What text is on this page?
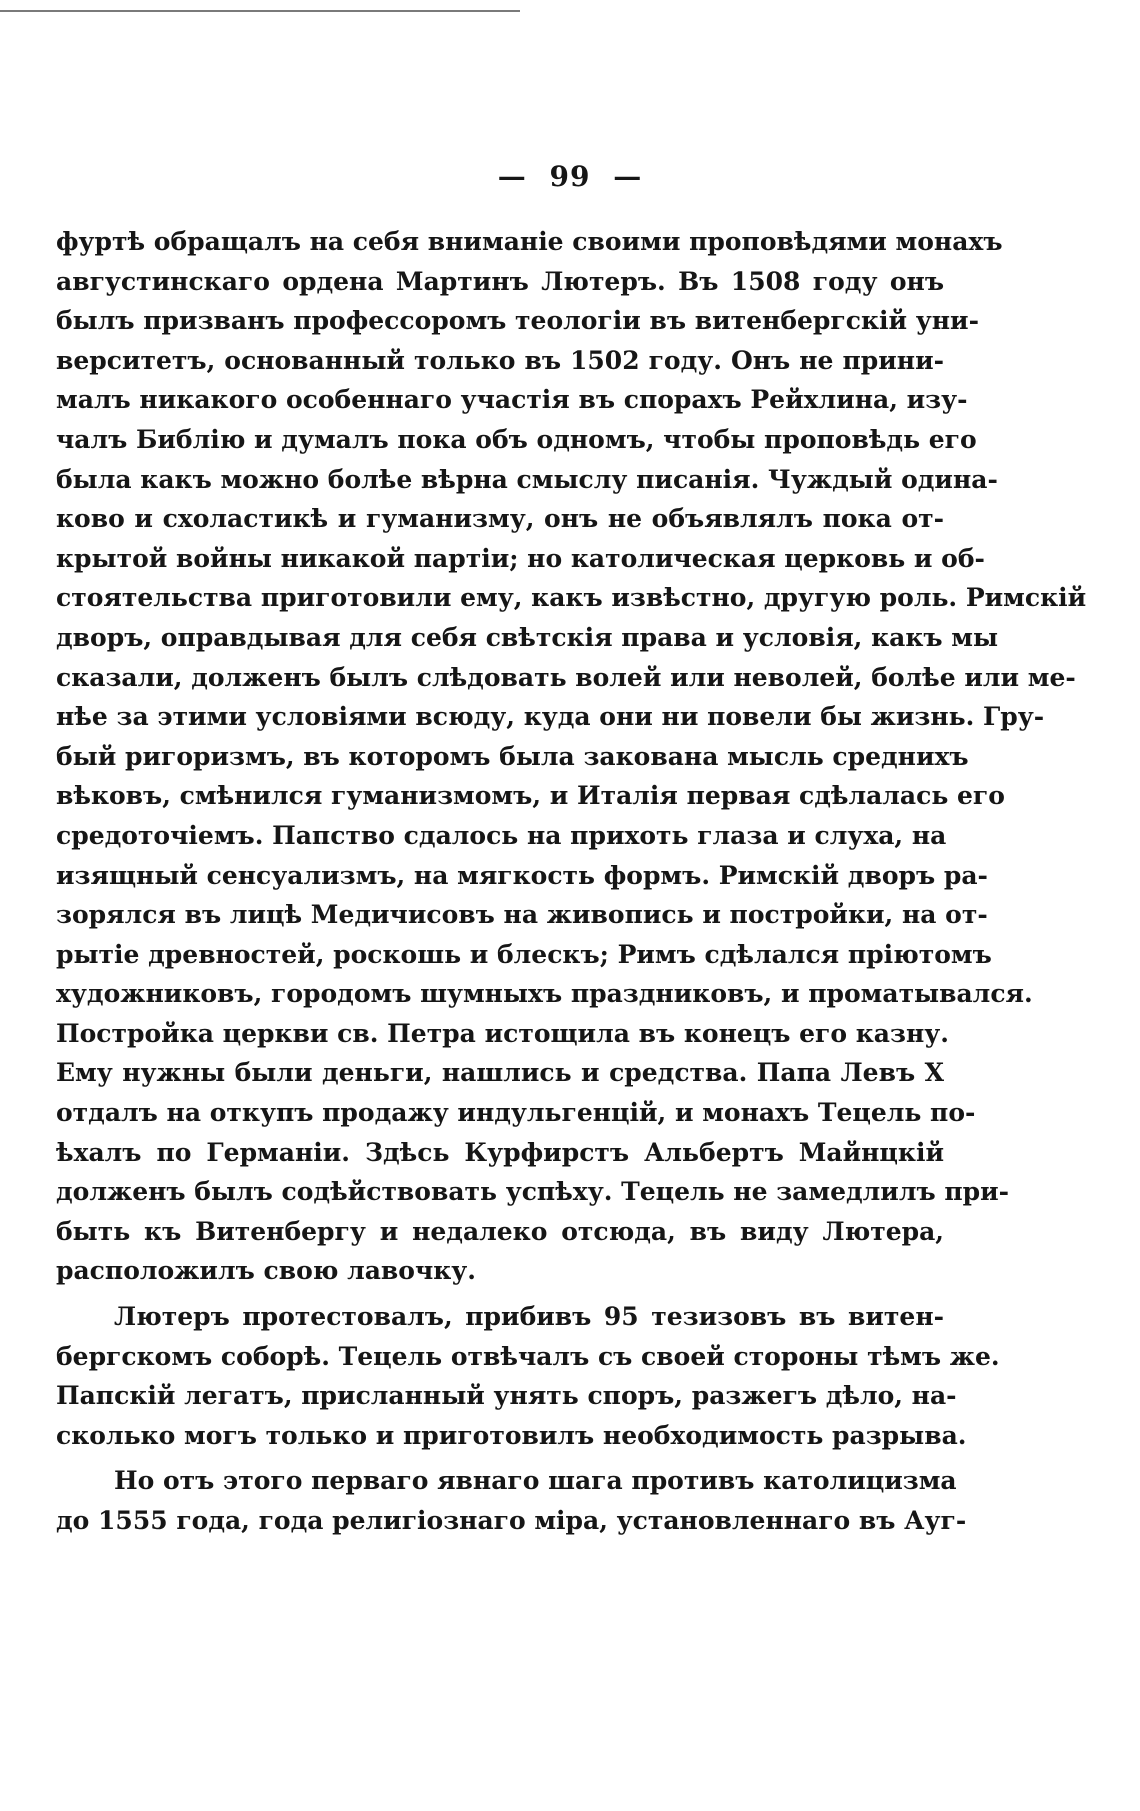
— 99 —
фуртѣ обращалъ на себя вниманіе своими проповѣдями монахъ
августинскаго ордена Мартинъ Лютеръ. Въ 1508 году онъ
былъ призванъ профессоромъ теологіи въ витенбергскій уни-
верситетъ, основанный только въ 1502 году. Онъ не прини-
малъ никакого особеннаго участія въ спорахъ Рейхлина, изу-
чалъ Библію и думалъ пока объ одномъ, чтобы проповѣдь его
была какъ можно болѣе вѣрна смыслу писанія. Чуждый одина-
ково и схоластикѣ и гуманизму, онъ не объявлялъ пока от-
крытой войны никакой партіи; но католическая церковь и об-
стоятельства приготовили ему, какъ извѣстно, другую роль. Римскій
дворъ, оправдывая для себя свѣтскія права и условія, какъ мы
сказали, долженъ былъ слѣдовать волей или неволей, болѣе или ме-
нѣе за этими условіями всюду, куда они ни повели бы жизнь. Гру-
бый ригоризмъ, въ которомъ была закована мысль среднихъ
вѣковъ, смѣнился гуманизмомъ, и Италія первая сдѣлалась его
средоточіемъ. Папство сдалось на прихоть глаза и слуха, на
изящный сенсуализмъ, на мягкость формъ. Римскій дворъ ра-
зорялся въ лицѣ Медичисовъ на живопись и постройки, на от-
рытіе древностей, роскошь и блескъ; Римъ сдѣлался пріютомъ
художниковъ, городомъ шумныхъ праздниковъ, и проматывался.
Постройка церкви св. Петра истощила въ конецъ его казну.
Ему нужны были деньги, нашлись и средства. Папа Левъ X
отдалъ на откупъ продажу индульгенцій, и монахъ Тецель по-
ѣхалъ по Германіи. Здѣсь Курфирстъ Альбертъ Майнцкій
долженъ былъ содѣйствовать успѣху. Тецель не замедлилъ при-
быть къ Витенбергу и недалеко отсюда, въ виду Лютера,
расположилъ свою лавочку.
Лютеръ протестовалъ, прибивъ 95 тезизовъ въ витен-
бергскомъ соборѣ. Тецель отвѣчалъ съ своей стороны тѣмъ же.
Папскій легатъ, присланный унять споръ, разжегъ дѣло, на-
сколько могъ только и приготовилъ необходимость разрыва.
Но отъ этого перваго явнаго шага противъ католицизма
до 1555 года, года религіознаго міра, установленнаго въ Ауг-
